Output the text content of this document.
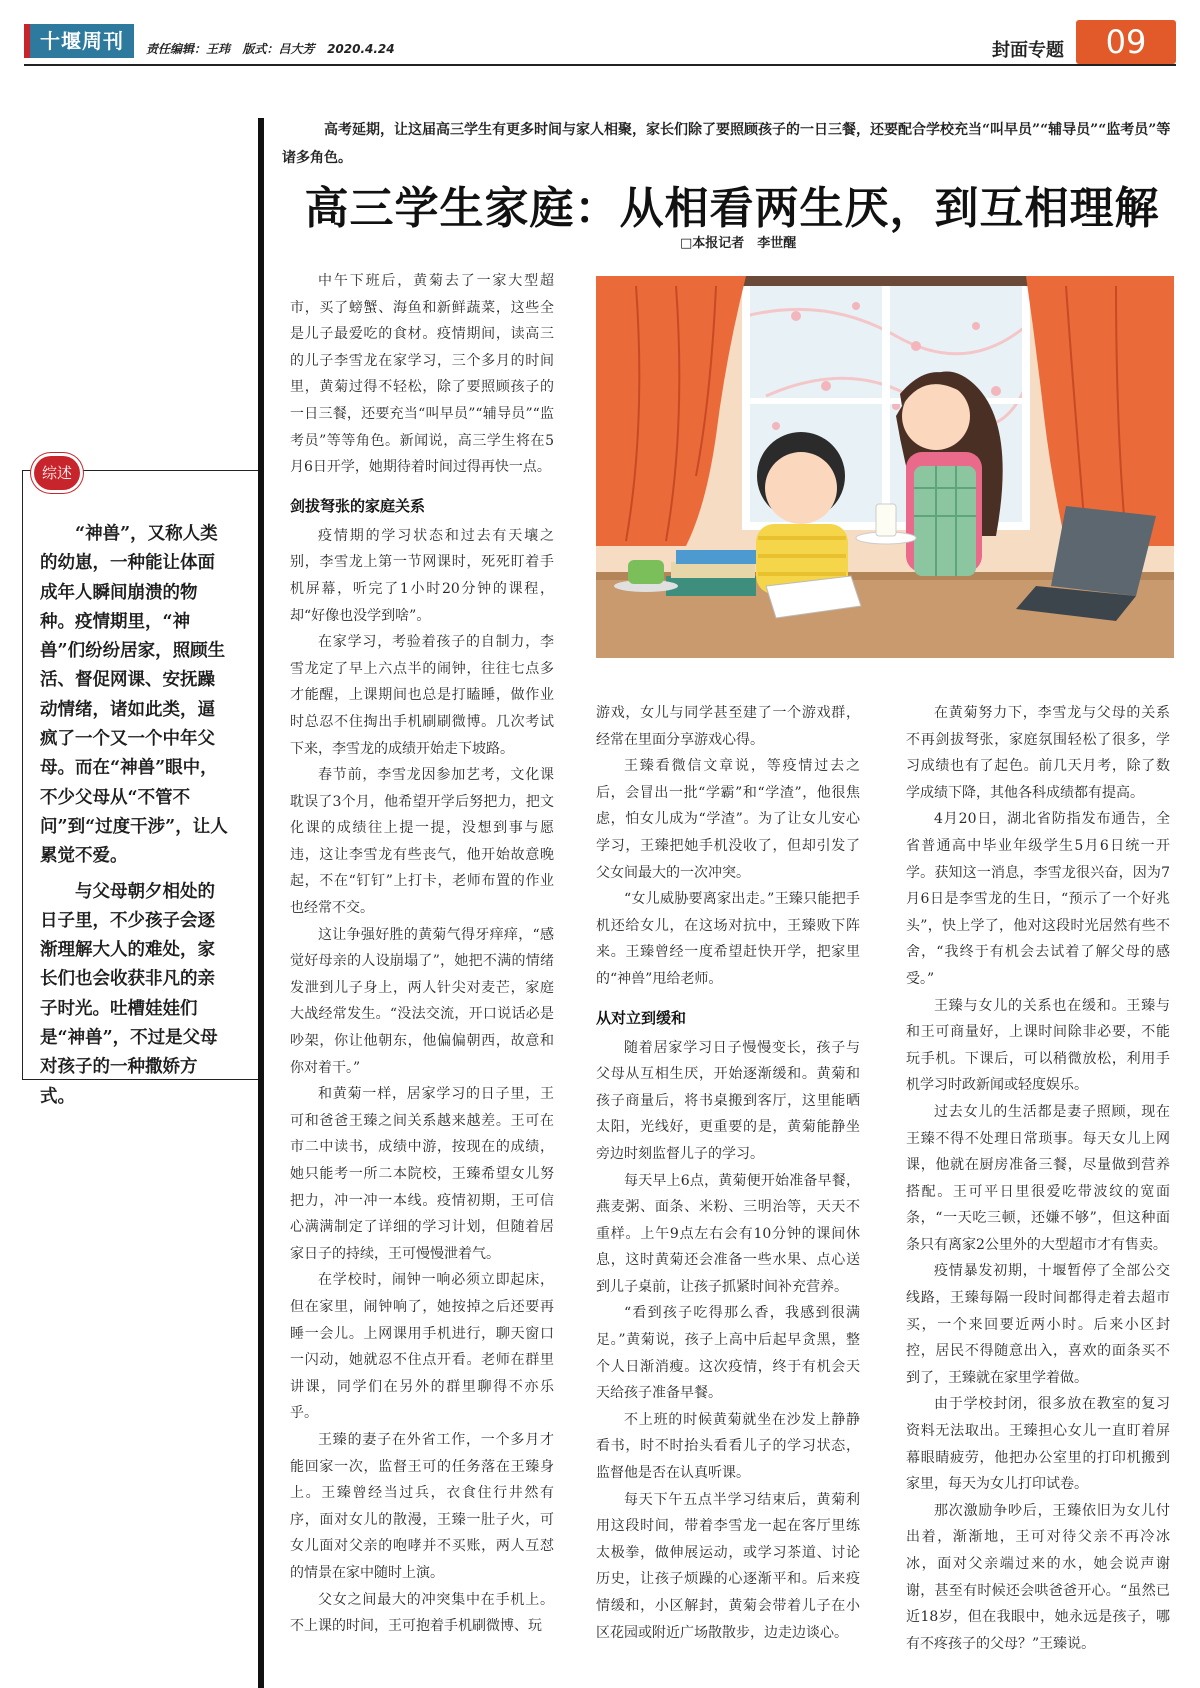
十堰周刊	责任编辑：王玮   版式：吕大芳   2020.4.24	封面专题	09
高考延期，让这届高三学生有更多时间与家人相聚，家长们除了要照顾孩子的一日三餐，还要配合学校充当“叫早员”“辅导员”“监考员”等诸多角色。
高三学生家庭：从相看两生厌，到互相理解
□本报记者　李世醒
综述

“神兽”，又称人类的幼崽，一种能让体面成年人瞬间崩溃的物种。疫情期里，“神兽”们纷纷居家，照顾生活、督促网课、安抚躁动情绪，诸如此类，逼疯了一个又一个中年父母。而在“神兽”眼中，不少父母从“不管不问”到“过度干涉”，让人累觉不爱。

与父母朝夕相处的日子里，不少孩子会逐渐理解大人的难处，家长们也会收获非凡的亲子时光。吐槽娃娃们是“神兽”，不过是父母对孩子的一种撒娇方式。

中午下班后，黄菊去了一家大型超市，买了螃蟹、海鱼和新鲜蔬菜，这些全是儿子最爱吃的食材。疫情期间，读高三的儿子李雪龙在家学习，三个多月的时间里，黄菊过得不轻松，除了要照顾孩子的一日三餐，还要充当“叫早员”“辅导员”“监考员”等等角色。新闻说，高三学生将在5月6日开学，她期待着时间过得再快一点。

剑拔弩张的家庭关系

疫情期的学习状态和过去有天壤之别，李雪龙上第一节网课时，死死盯着手机屏幕，听完了1小时20分钟的课程，却“好像也没学到啥”。

在家学习，考验着孩子的自制力，李雪龙定了早上六点半的闹钟，往往七点多才能醒，上课期间也总是打瞌睡，做作业时总忍不住掏出手机刷刷微博。几次考试下来，李雪龙的成绩开始走下坡路。

春节前，李雪龙因参加艺考，文化课耽误了3个月，他希望开学后努把力，把文化课的成绩往上提一提，没想到事与愿违，这让李雪龙有些丧气，他开始故意晚起，不在“钉钉”上打卡，老师布置的作业也经常不交。

这让争强好胜的黄菊气得牙痒痒，“感觉好母亲的人设崩塌了”，她把不满的情绪发泄到儿子身上，两人针尖对麦芒，家庭大战经常发生。“没法交流，开口说话必是吵架，你让他朝东，他偏偏朝西，故意和你对着干。”

和黄菊一样，居家学习的日子里，王可和爸爸王臻之间关系越来越差。王可在市二中读书，成绩中游，按现在的成绩，她只能考一所二本院校，王臻希望女儿努把力，冲一冲一本线。疫情初期，王可信心满满制定了详细的学习计划，但随着居家日子的持续，王可慢慢泄着气。

在学校时，闹钟一响必须立即起床，但在家里，闹钟响了，她按掉之后还要再睡一会儿。上网课用手机进行，聊天窗口一闪动，她就忍不住点开看。老师在群里讲课，同学们在另外的群里聊得不亦乐乎。

王臻的妻子在外省工作，一个多月才能回家一次，监督王可的任务落在王臻身上。王臻曾经当过兵，衣食住行井然有序，面对女儿的散漫，王臻一肚子火，可女儿面对父亲的咆哮并不买账，两人互怼的情景在家中随时上演。

父女之间最大的冲突集中在手机上。不上课的时间，王可抱着手机刷微博、玩

游戏，女儿与同学甚至建了一个游戏群，经常在里面分享游戏心得。

王臻看微信文章说，等疫情过去之后，会冒出一批“学霸”和“学渣”，他很焦虑，怕女儿成为“学渣”。为了让女儿安心学习，王臻把她手机没收了，但却引发了父女间最大的一次冲突。

“女儿威胁要离家出走。”王臻只能把手机还给女儿，在这场对抗中，王臻败下阵来。王臻曾经一度希望赶快开学，把家里的“神兽”甩给老师。

从对立到缓和

随着居家学习日子慢慢变长，孩子与父母从互相生厌，开始逐渐缓和。黄菊和孩子商量后，将书桌搬到客厅，这里能晒太阳，光线好，更重要的是，黄菊能静坐旁边时刻监督儿子的学习。

每天早上6点，黄菊便开始准备早餐，燕麦粥、面条、米粉、三明治等，天天不重样。上午9点左右会有10分钟的课间休息，这时黄菊还会准备一些水果、点心送到儿子桌前，让孩子抓紧时间补充营养。

“看到孩子吃得那么香，我感到很满足。”黄菊说，孩子上高中后起早贪黑，整个人日渐消瘦。这次疫情，终于有机会天天给孩子准备早餐。

不上班的时候黄菊就坐在沙发上静静看书，时不时抬头看看儿子的学习状态，监督他是否在认真听课。

每天下午五点半学习结束后，黄菊利用这段时间，带着李雪龙一起在客厅里练太极拳，做伸展运动，或学习茶道、讨论历史，让孩子烦躁的心逐渐平和。后来疫情缓和，小区解封，黄菊会带着儿子在小区花园或附近广场散散步，边走边谈心。

在黄菊努力下，李雪龙与父母的关系不再剑拔弩张，家庭氛围轻松了很多，学习成绩也有了起色。前几天月考，除了数学成绩下降，其他各科成绩都有提高。

4月20日，湖北省防指发布通告，全省普通高中毕业年级学生5月6日统一开学。获知这一消息，李雪龙很兴奋，因为7月6日是李雪龙的生日，“预示了一个好兆头”，快上学了，他对这段时光居然有些不舍，“我终于有机会去试着了解父母的感受。”

王臻与女儿的关系也在缓和。王臻与和王可商量好，上课时间除非必要，不能玩手机。下课后，可以稍微放松，利用手机学习时政新闻或轻度娱乐。

过去女儿的生活都是妻子照顾，现在王臻不得不处理日常琐事。每天女儿上网课，他就在厨房准备三餐，尽量做到营养搭配。王可平日里很爱吃带波纹的宽面条，“一天吃三顿，还嫌不够”，但这种面条只有离家2公里外的大型超市才有售卖。

疫情暴发初期，十堰暂停了全部公交线路，王臻每隔一段时间都得走着去超市买，一个来回要近两小时。后来小区封控，居民不得随意出入，喜欢的面条买不到了，王臻就在家里学着做。

由于学校封闭，很多放在教室的复习资料无法取出。王臻担心女儿一直盯着屏幕眼睛疲劳，他把办公室里的打印机搬到家里，每天为女儿打印试卷。

那次激励争吵后，王臻依旧为女儿付出着，渐渐地，王可对待父亲不再冷冰冰，面对父亲端过来的水，她会说声谢谢，甚至有时候还会哄爸爸开心。“虽然已近18岁，但在我眼中，她永远是孩子，哪有不疼孩子的父母？”王臻说。
